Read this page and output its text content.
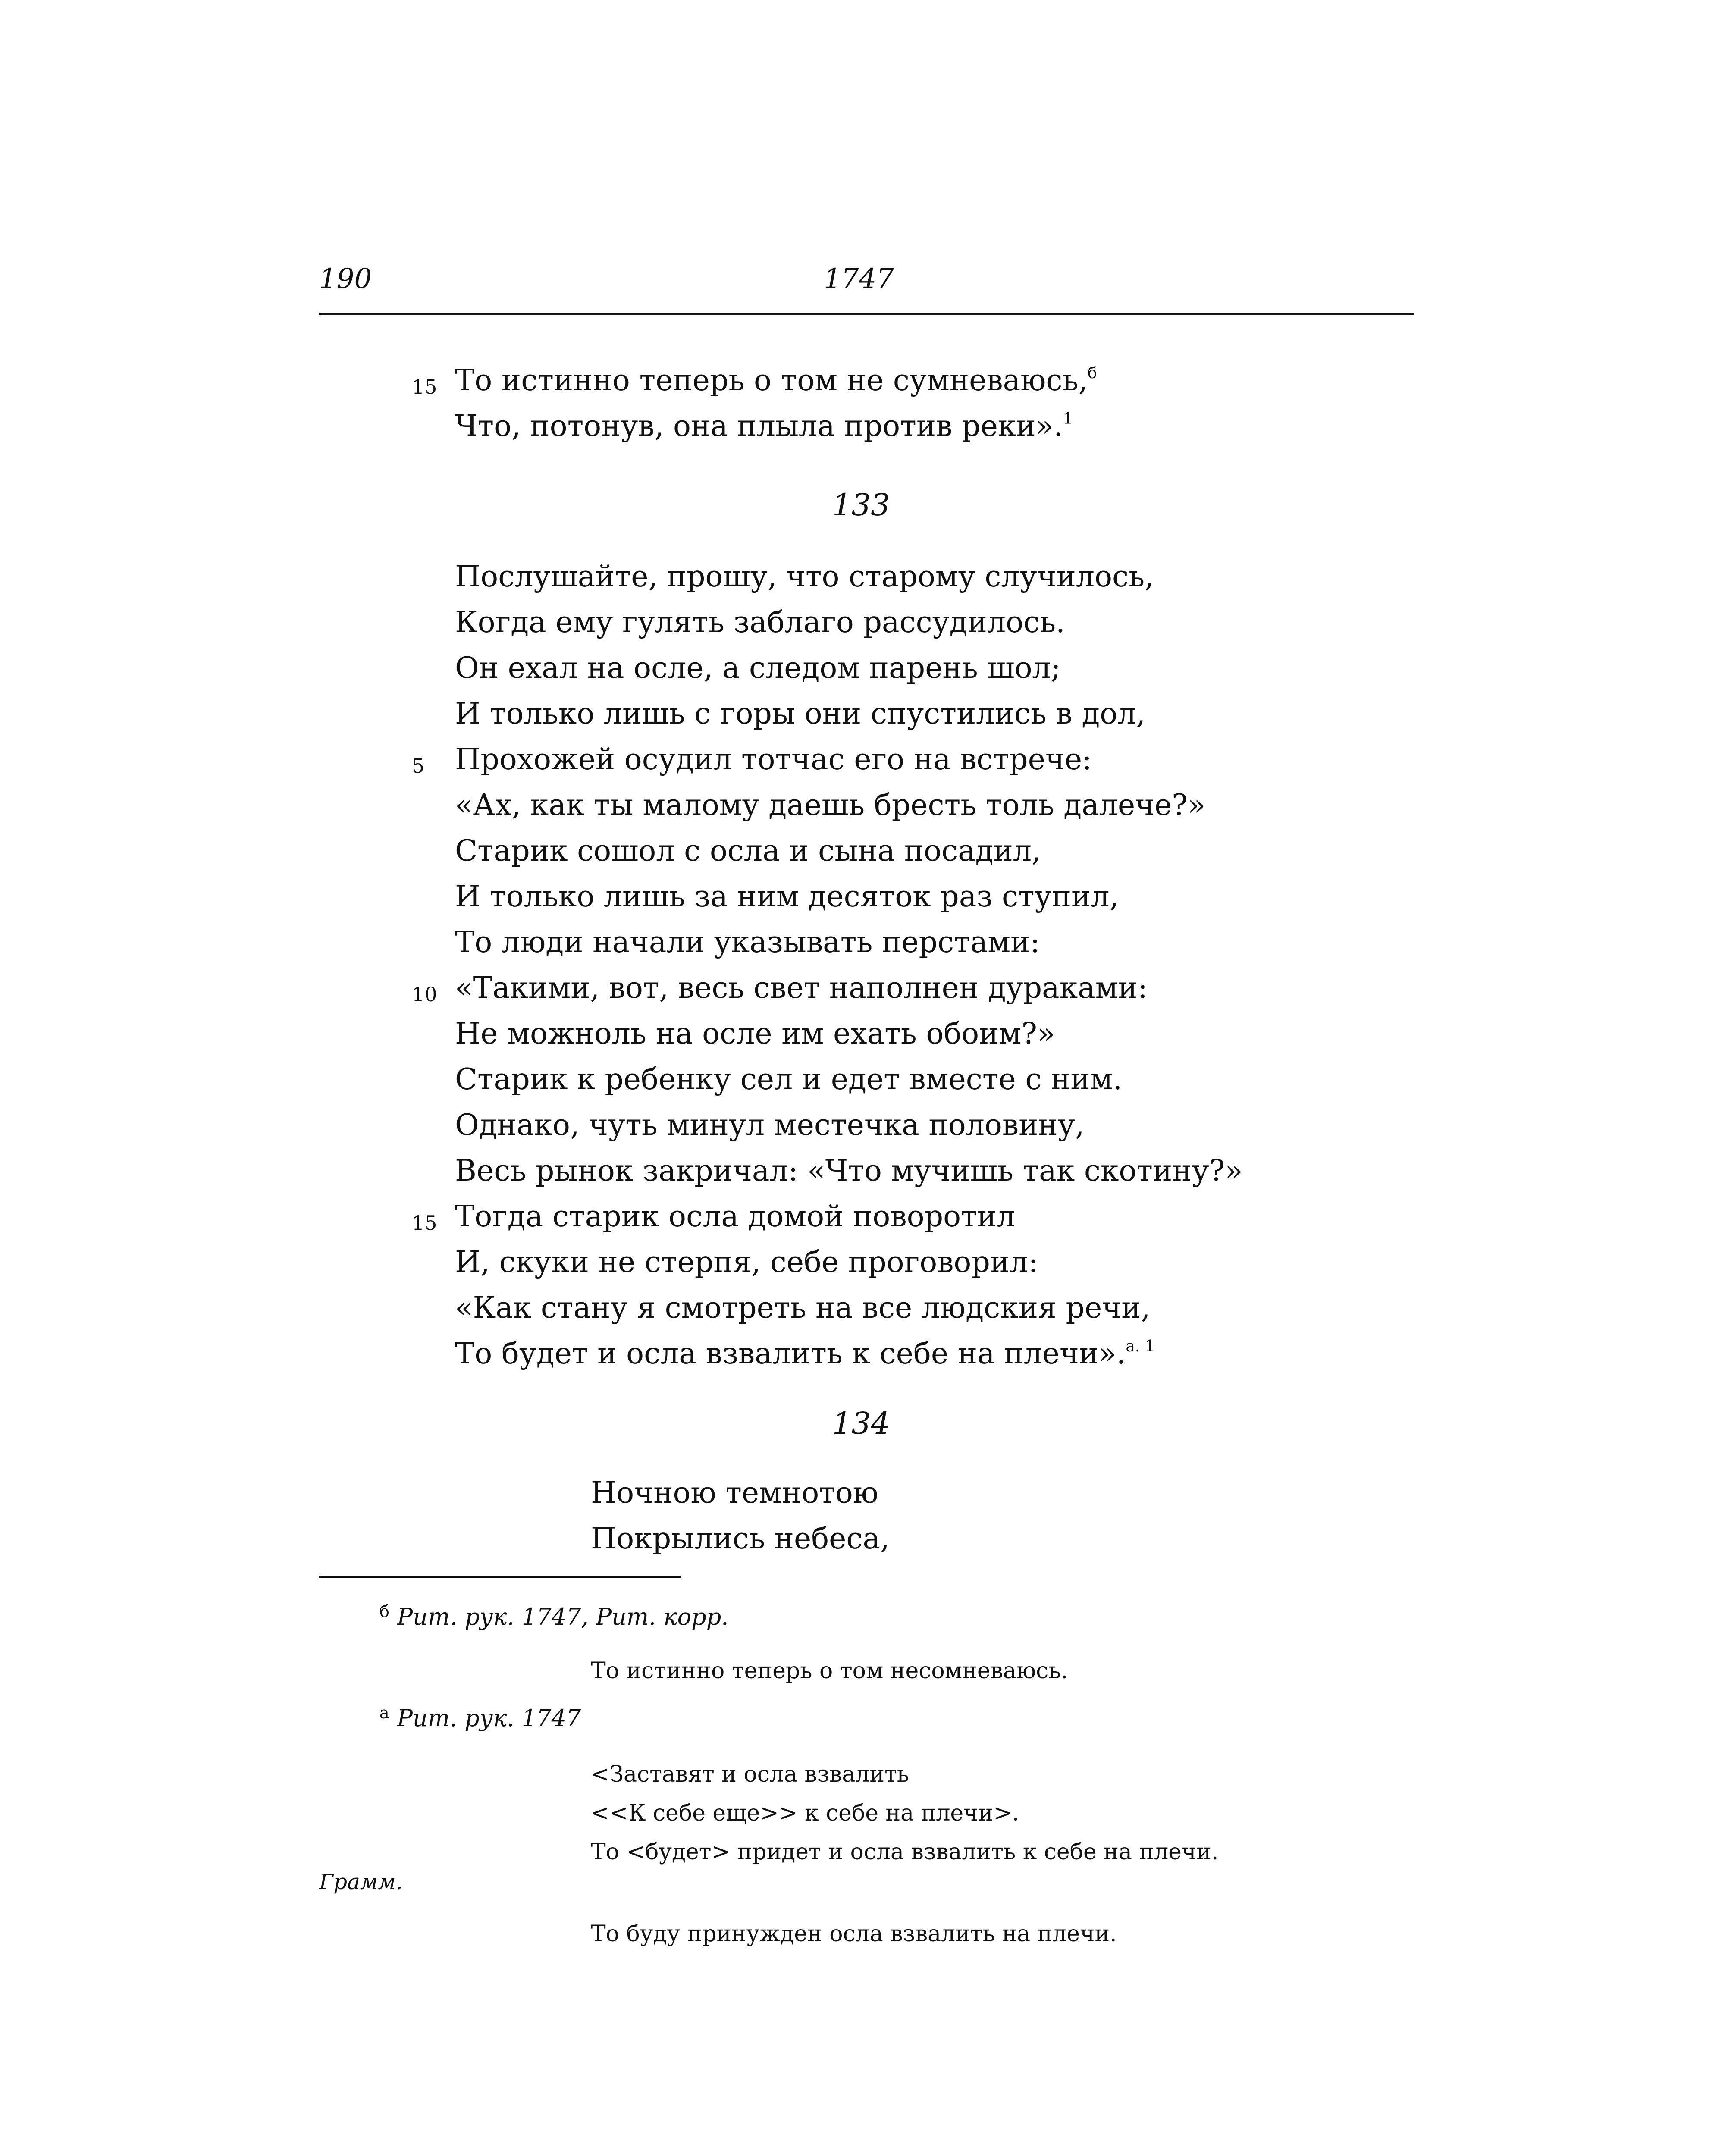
190	1747
15 То истинно теперь о том не сумневаюсь,$^б$
Что, потонув, она плыла против реки».$^1$
133
Послушайте, прошу, что старому случилось,
Когда ему гулять заблаго рассудилось.
Он ехал на осле, а следом парень шол;
И только лишь с горы они спустились в дол,
5 Прохожей осудил тотчас его на встрече:
«Ах, как ты малому даешь бресть толь далече?»
Старик сошол с осла и сына посадил,
И только лишь за ним десяток раз ступил,
То люди начали указывать перстами:
10 «Такими, вот, весь свет наполнен дураками:
Не можноль на осле им ехать обоим?»
Старик к ребенку сел и едет вместе с ним.
Однако, чуть минул местечка половину,
Весь рынок закричал: «Что мучишь так скотину?»
15 Тогда старик осла домой поворотил
И, скуки не стерпя, себе проговорил:
«Как стану я смотреть на все людския речи,
То будет и осла взвалить к себе на плечи».$^{а. 1}$
134
Ночною темнотою
Покрылись небеса,
$^б$ Рит. рук. 1747, Рит. корр.
То истинно теперь о том несомневаюсь.
$^а$ Рит. рук. 1747
<Заставят и осла взвалить
<<К себе еще>> к себе на плечи>.
То <будет> придет и осла взвалить к себе на плечи.
Грамм.
То буду принужден осла взвалить на плечи.
